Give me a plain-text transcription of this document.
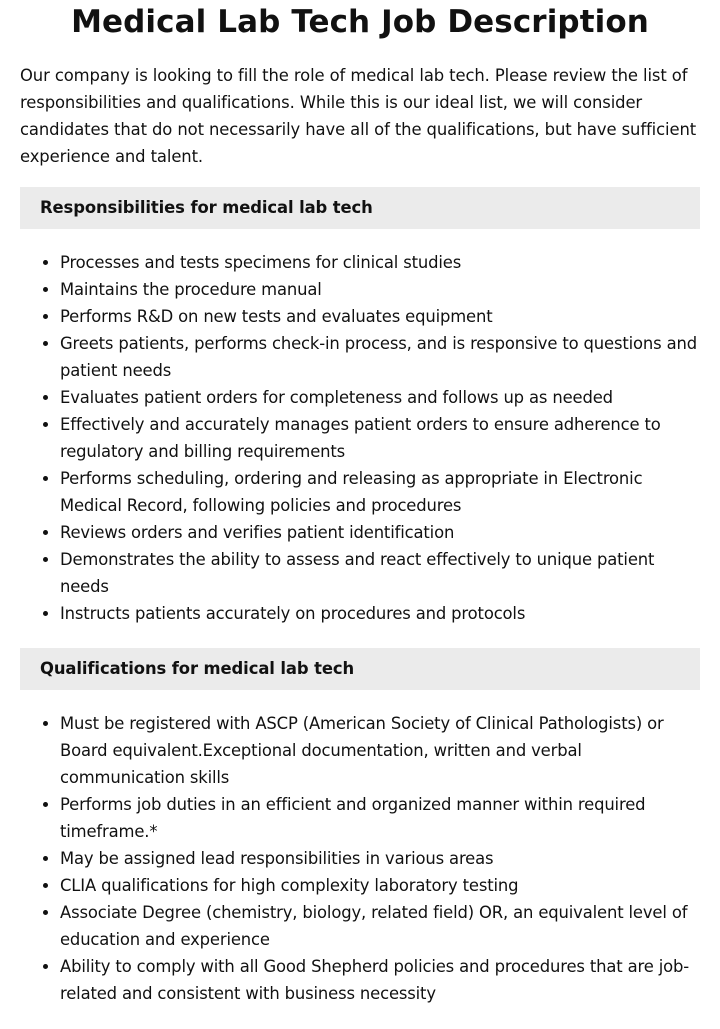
Medical Lab Tech Job Description

Our company is looking to fill the role of medical lab tech. Please review the list of responsibilities and qualifications. While this is our ideal list, we will consider candidates that do not necessarily have all of the qualifications, but have sufficient experience and talent.

Responsibilities for medical lab tech
• Processes and tests specimens for clinical studies
• Maintains the procedure manual
• Performs R&D on new tests and evaluates equipment
• Greets patients, performs check-in process, and is responsive to questions and patient needs
• Evaluates patient orders for completeness and follows up as needed
• Effectively and accurately manages patient orders to ensure adherence to regulatory and billing requirements
• Performs scheduling, ordering and releasing as appropriate in Electronic Medical Record, following policies and procedures
• Reviews orders and verifies patient identification
• Demonstrates the ability to assess and react effectively to unique patient needs
• Instructs patients accurately on procedures and protocols
Qualifications for medical lab tech
• Must be registered with ASCP (American Society of Clinical Pathologists) or Board equivalent.Exceptional documentation, written and verbal communication skills
• Performs job duties in an efficient and organized manner within required timeframe.*
• May be assigned lead responsibilities in various areas
• CLIA qualifications for high complexity laboratory testing
• Associate Degree (chemistry, biology, related field) OR, an equivalent level of education and experience
• Ability to comply with all Good Shepherd policies and procedures that are job-related and consistent with business necessity
